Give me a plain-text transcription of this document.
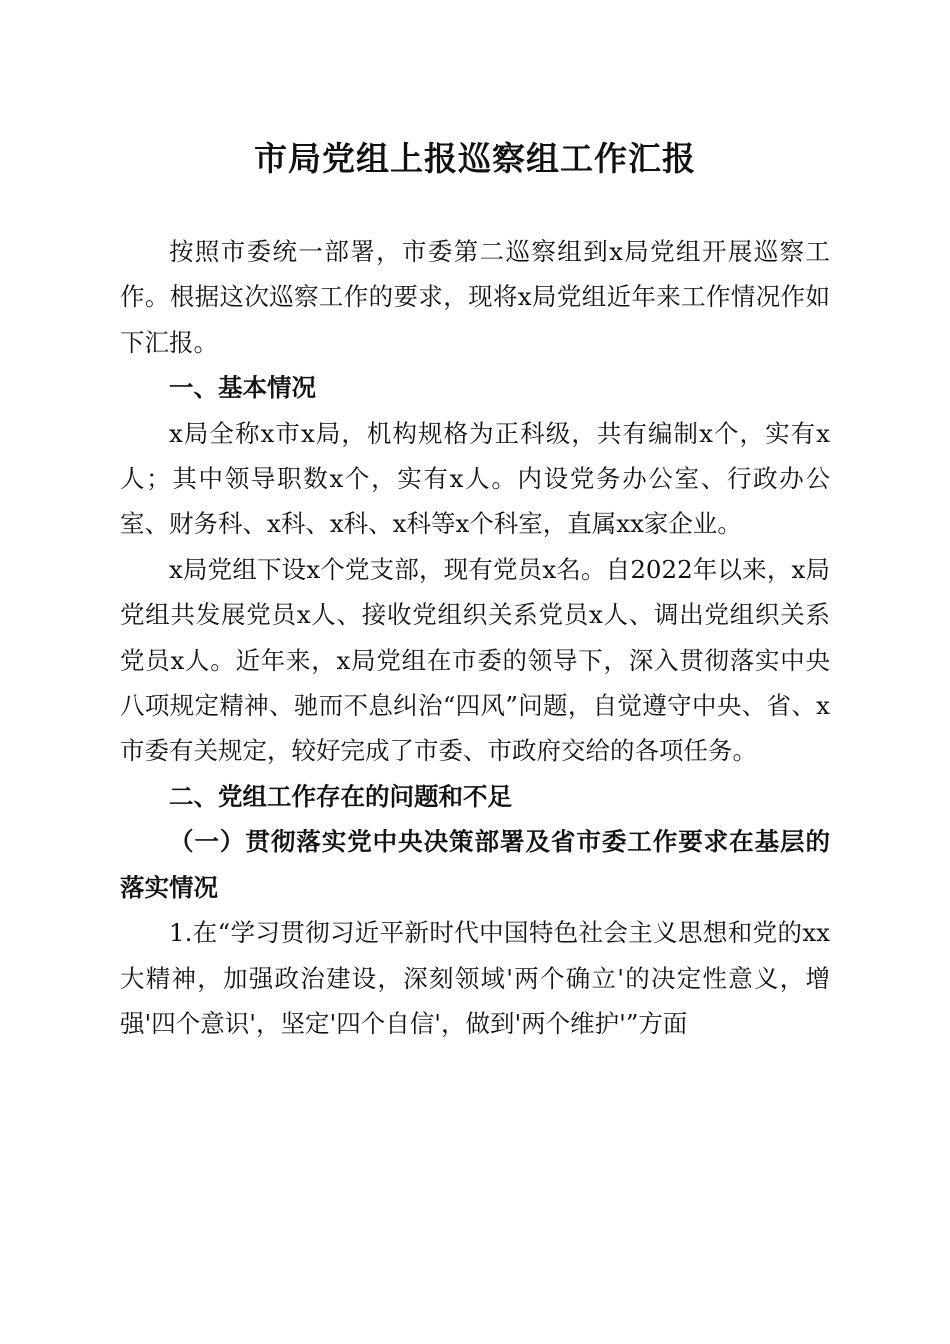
市局党组上报巡察组工作汇报

按照市委统一部署，市委第二巡察组到x局党组开展巡察工作。根据这次巡察工作的要求，现将x局党组近年来工作情况作如下汇报。

一、基本情况

x局全称x市x局，机构规格为正科级，共有编制x个，实有x人；其中领导职数x个，实有x人。内设党务办公室、行政办公室、财务科、x科、x科、x科等x个科室，直属xx家企业。

x局党组下设x个党支部，现有党员x名。自2022年以来，x局党组共发展党员x人、接收党组织关系党员x人、调出党组织关系党员x人。近年来，x局党组在市委的领导下，深入贯彻落实中央八项规定精神、驰而不息纠治“四风”问题，自觉遵守中央、省、x市委有关规定，较好完成了市委、市政府交给的各项任务。

二、党组工作存在的问题和不足

（一）贯彻落实党中央决策部署及省市委工作要求在基层的落实情况

1.在“学习贯彻习近平新时代中国特色社会主义思想和党的xx大精神，加强政治建设，深刻领域'两个确立'的决定性意义，增强'四个意识'，坚定'四个自信'，做到'两个维护'”方面
